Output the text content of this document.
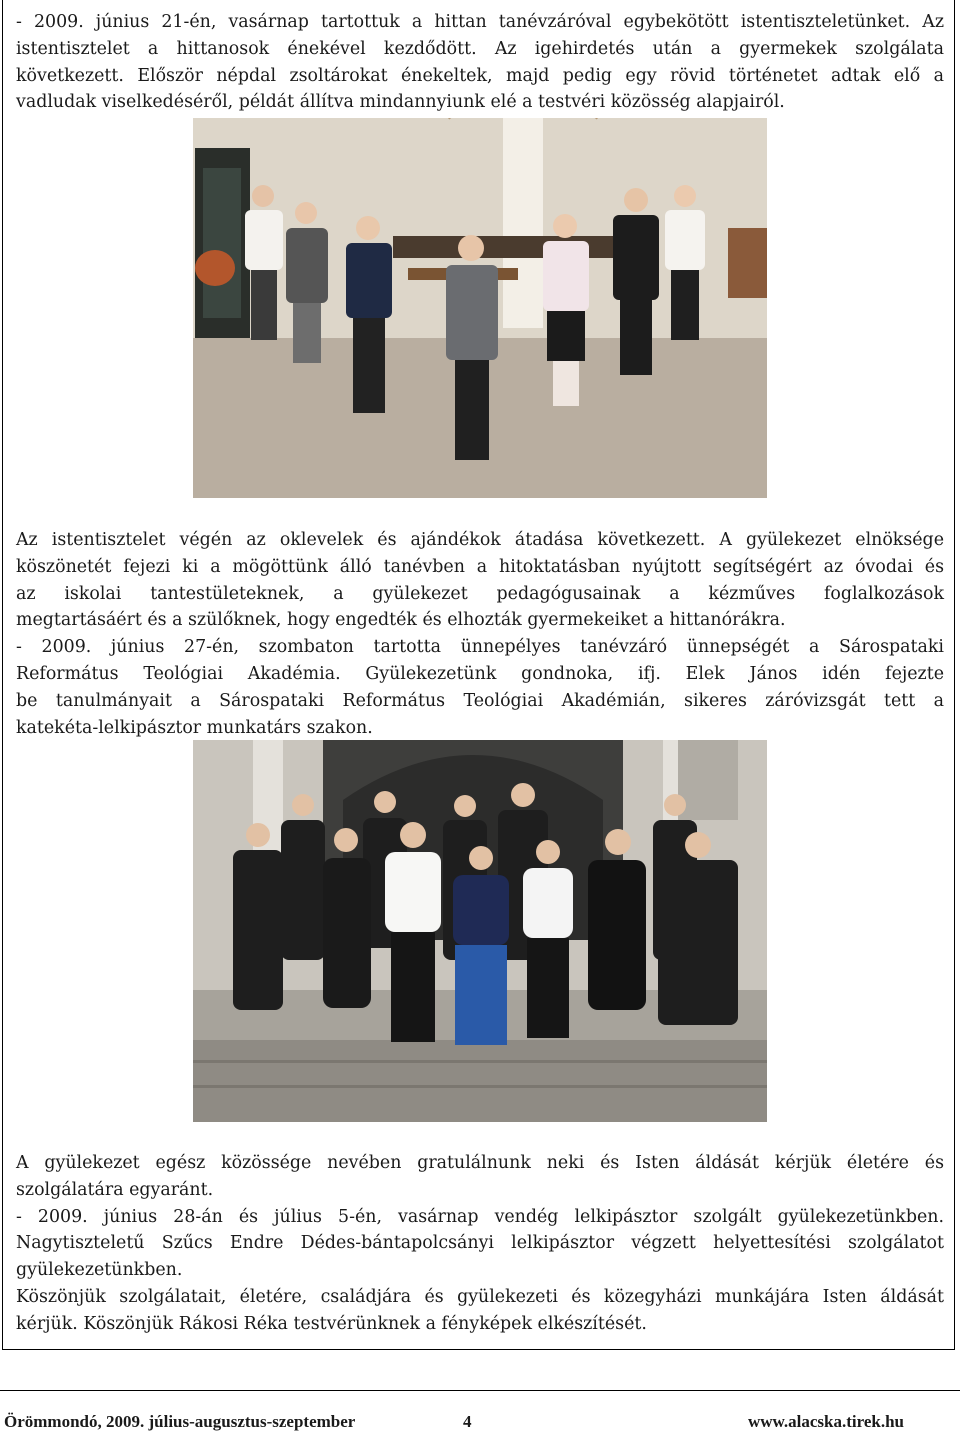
- 2009. június 21-én, vasárnap tartottuk a hittan tanévzáróval egybekötött istentiszteletünket. Az
istentisztelet a hittanosok énekével kezdődött. Az igehirdetés után a gyermekek szolgálata
következett. Először népdal zsoltárokat énekeltek, majd pedig egy rövid történetet adtak elő a
vadludak viselkedéséről, példát állítva mindannyiunk elé a testvéri közösség alapjairól.
Az istentisztelet végén az oklevelek és ajándékok átadása következett. A gyülekezet elnöksége
köszönetét fejezi ki a mögöttünk álló tanévben a hitoktatásban nyújtott segítségért az óvodai és
az iskolai tantestületeknek, a gyülekezet pedagógusainak a kézműves foglalkozások
megtartásáért és a szülőknek, hogy engedték és elhozták gyermekeiket a hittanórákra.
- 2009. június 27-én, szombaton tartotta ünnepélyes tanévzáró ünnepségét a Sárospataki
Református Teológiai Akadémia. Gyülekezetünk gondnoka, ifj. Elek János idén fejezte
be tanulmányait a Sárospataki Református Teológiai Akadémián, sikeres záróvizsgát tett a
katekéta-lelkipásztor munkatárs szakon.
A gyülekezet egész közössége nevében gratulálnunk neki és Isten áldását kérjük életére és
szolgálatára egyaránt.
- 2009. június 28-án és július 5-én, vasárnap vendég lelkipásztor szolgált gyülekezetünkben.
Nagytiszteletű Szűcs Endre Dédes-bántapolcsányi lelkipásztor végzett helyettesítési szolgálatot
gyülekezetünkben.
Köszönjük szolgálatait, életére, családjára és gyülekezeti és közegyházi munkájára Isten áldását
kérjük. Köszönjük Rákosi Réka testvérünknek a fényképek elkészítését.
Örömmondó, 2009. július-augusztus-szeptember	4	www.alacska.tirek.hu
